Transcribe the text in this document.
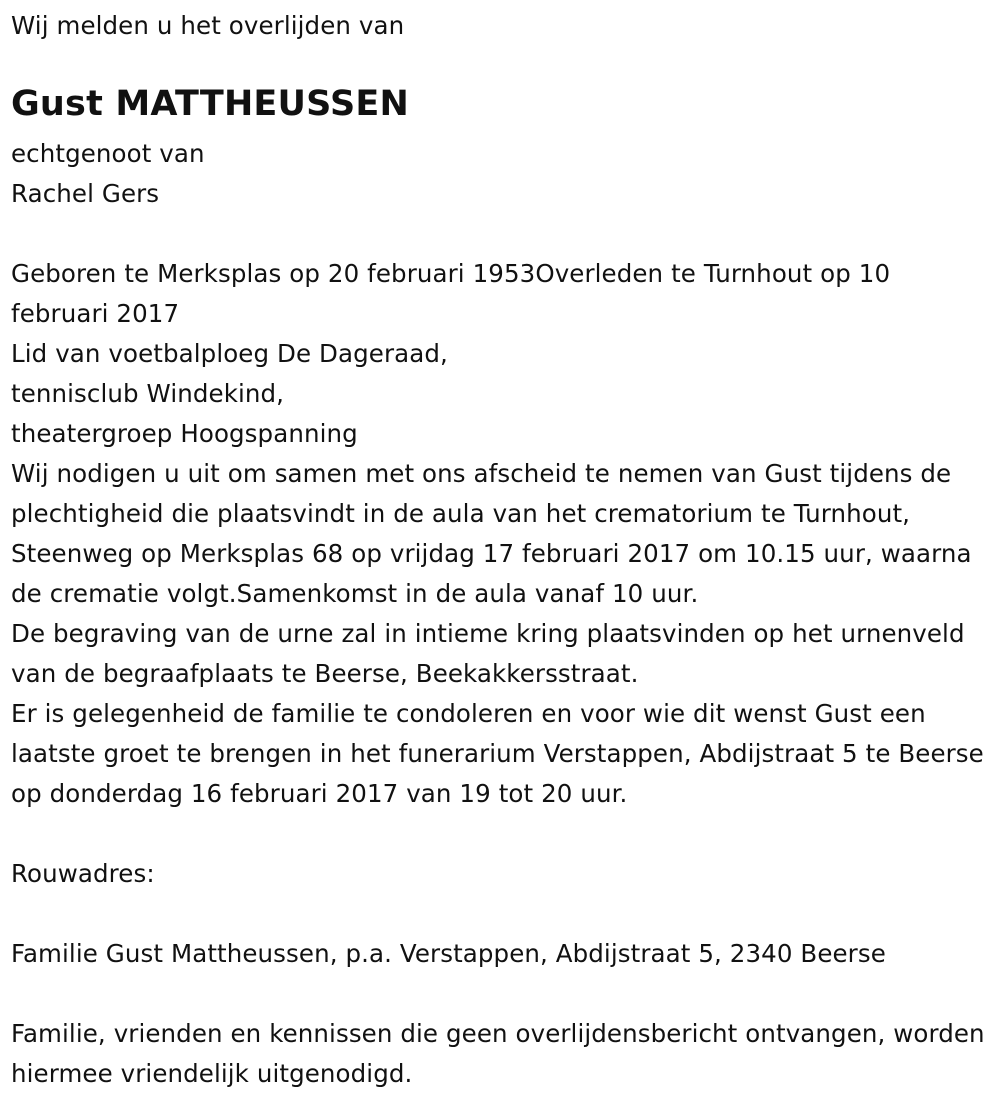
Wij melden u het overlijden van
Gust MATTHEUSSEN
echtgenoot van
Rachel Gers
Geboren te Merksplas op 20 februari 1953Overleden te Turnhout op 10 februari 2017
Lid van voetbalploeg De Dageraad,
tennisclub Windekind,
theatergroep Hoogspanning
Wij nodigen u uit om samen met ons afscheid te nemen van Gust tijdens de plechtigheid die plaatsvindt in de aula van het crematorium te Turnhout, Steenweg op Merksplas 68 op vrijdag 17 februari 2017 om 10.15 uur, waarna de crematie volgt.Samenkomst in de aula vanaf 10 uur.
De begraving van de urne zal in intieme kring plaatsvinden op het urnenveld van de begraafplaats te Beerse, Beekakkersstraat.
Er is gelegenheid de familie te condoleren en voor wie dit wenst Gust een laatste groet te brengen in het funerarium Verstappen, Abdijstraat 5 te Beerse op donderdag 16 februari 2017 van 19 tot 20 uur.
Rouwadres:
Familie Gust Mattheussen, p.a. Verstappen, Abdijstraat 5, 2340 Beerse
Familie, vrienden en kennissen die geen overlijdensbericht ontvangen, worden hiermee vriendelijk uitgenodigd.
